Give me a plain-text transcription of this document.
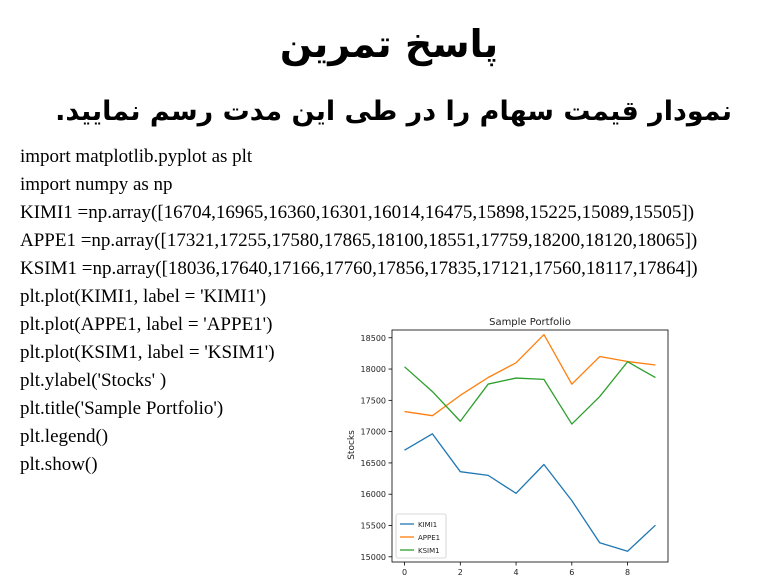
پاسخ تمرین
نمودار قیمت سهام را در طی این مدت رسم نمایید.
import matplotlib.pyplot as plt
import numpy as np
KIMI1 =np.array([16704,16965,16360,16301,16014,16475,15898,15225,15089,15505])
APPE1 =np.array([17321,17255,17580,17865,18100,18551,17759,18200,18120,18065])
KSIM1 =np.array([18036,17640,17166,17760,17856,17835,17121,17560,18117,17864])
plt.plot(KIMI1, label = 'KIMI1')
plt.plot(APPE1, label = 'APPE1')
plt.plot(KSIM1, label = 'KSIM1')
plt.ylabel('Stocks' )
plt.title('Sample Portfolio')
plt.legend()
plt.show()
Sample Portfolio
Stocks
15000
15500
16000
16500
17000
17500
18000
18500
0	2	4	6	8
KIMI1
APPE1
KSIM1
